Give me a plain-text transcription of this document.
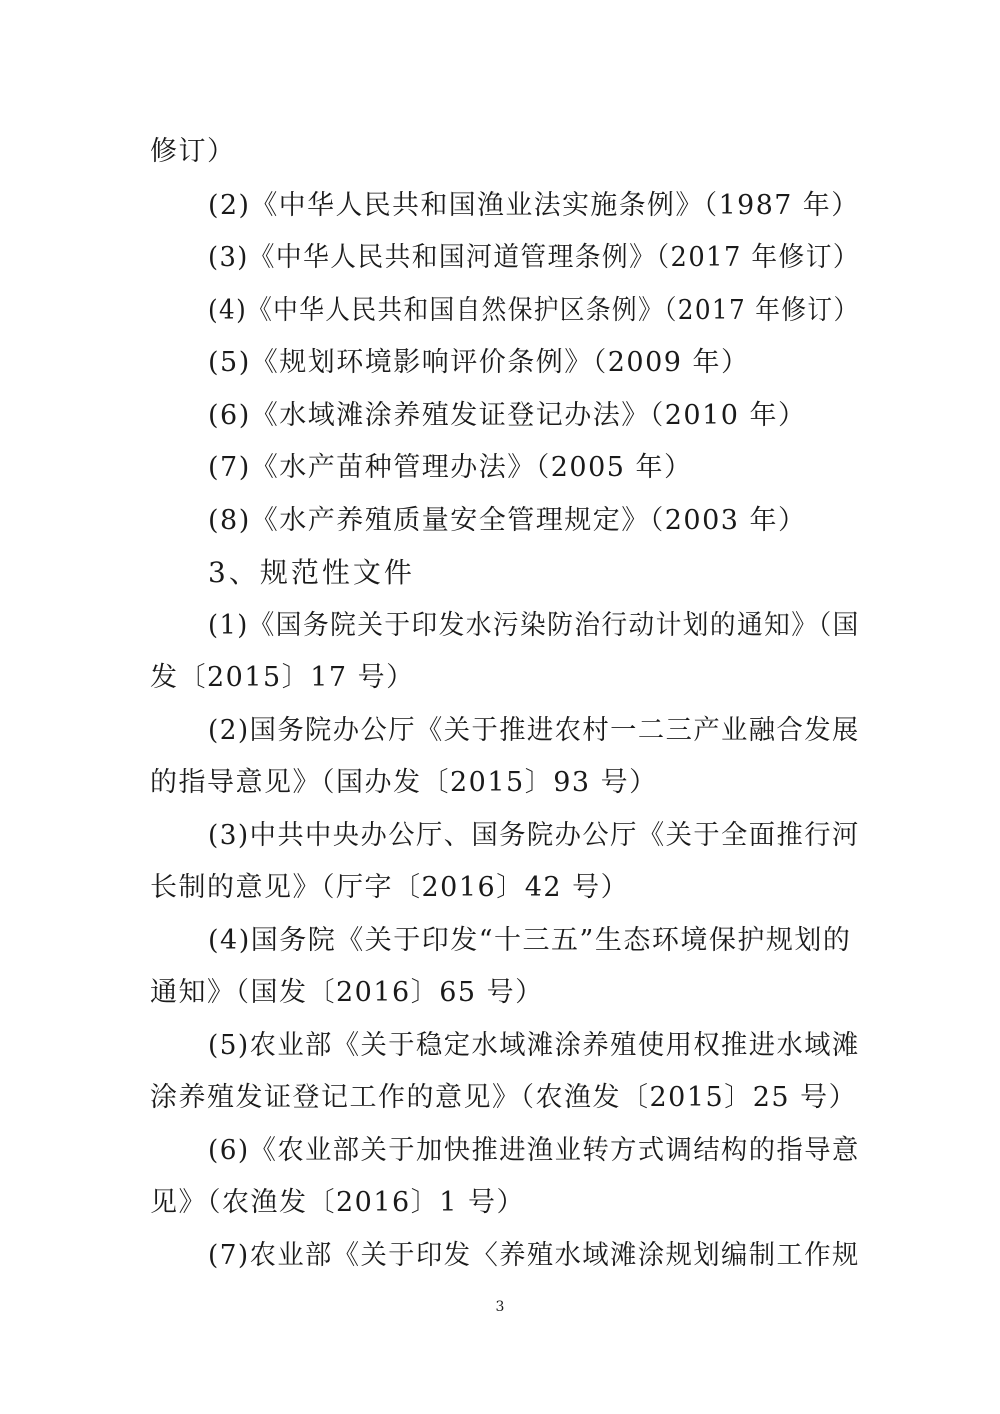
修订）
(2)《中华人民共和国渔业法实施条例》（1987 年）
(3)《中华人民共和国河道管理条例》（2017 年修订）
(4)《中华人民共和国自然保护区条例》（2017 年修订）
(5)《规划环境影响评价条例》（2009 年）
(6)《水域滩涂养殖发证登记办法》（2010 年）
(7)《水产苗种管理办法》（2005 年）
(8)《水产养殖质量安全管理规定》（2003 年）
3、规范性文件
(1)《国务院关于印发水污染防治行动计划的通知》（国
发〔2015〕17 号）
(2)国务院办公厅《关于推进农村一二三产业融合发展
的指导意见》（国办发〔2015〕93 号）
(3)中共中央办公厅、国务院办公厅《关于全面推行河
长制的意见》（厅字〔2016〕42 号）
(4)国务院《关于印发“十三五”生态环境保护规划的
通知》（国发〔2016〕65 号）
(5)农业部《关于稳定水域滩涂养殖使用权推进水域滩
涂养殖发证登记工作的意见》（农渔发〔2015〕25 号）
(6)《农业部关于加快推进渔业转方式调结构的指导意
见》（农渔发〔2016〕1 号）
(7)农业部《关于印发〈养殖水域滩涂规划编制工作规
3
